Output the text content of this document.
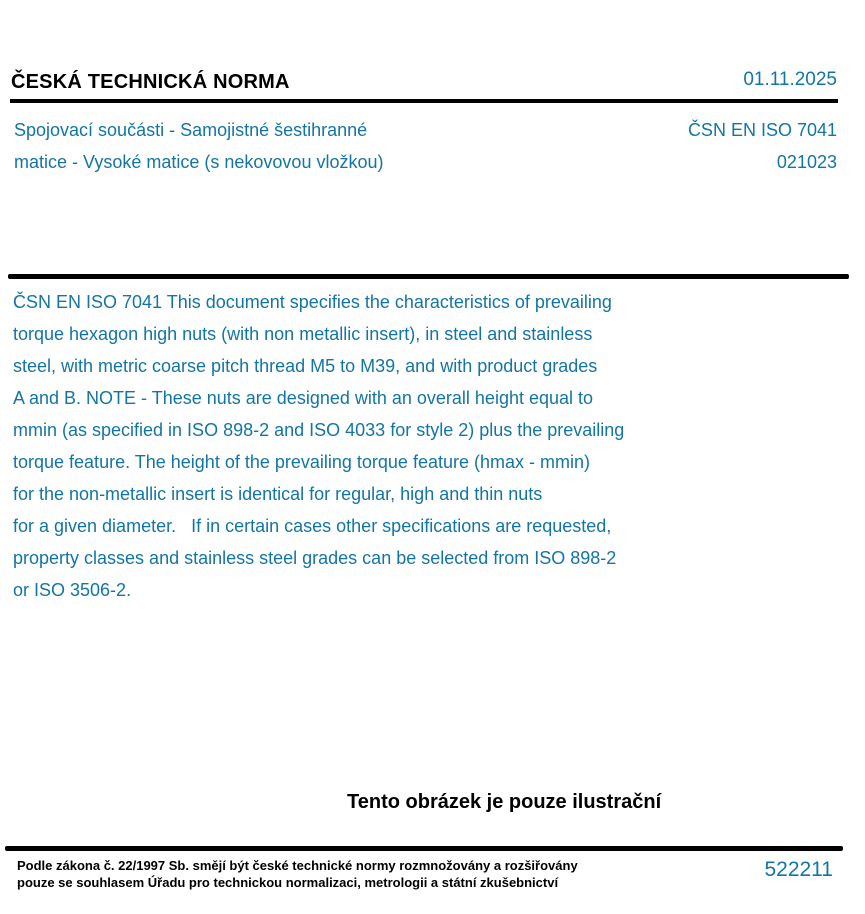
ČESKÁ TECHNICKÁ NORMA	01.11.2025
Spojovací součásti - Samojistné šestihranné
matice - Vysoké matice (s nekovovou vložkou)
ČSN EN ISO 7041
021023
ČSN EN ISO 7041 This document specifies the characteristics of prevailing
torque hexagon high nuts (with non metallic insert), in steel and stainless
steel, with metric coarse pitch thread M5 to M39, and with product grades
A and B. NOTE - These nuts are designed with an overall height equal to
mmin (as specified in ISO 898-2 and ISO 4033 for style 2) plus the prevailing
torque feature. The height of the prevailing torque feature (hmax - mmin)
for the non-metallic insert is identical for regular, high and thin nuts
for a given diameter.   If in certain cases other specifications are requested,
property classes and stainless steel grades can be selected from ISO 898-2
or ISO 3506-2.
Tento obrázek je pouze ilustrační
Podle zákona č. 22/1997 Sb. smějí být české technické normy rozmnožovány a rozšiřovány
pouze se souhlasem Úřadu pro technickou normalizaci, metrologii a státní zkušebnictví
522211
